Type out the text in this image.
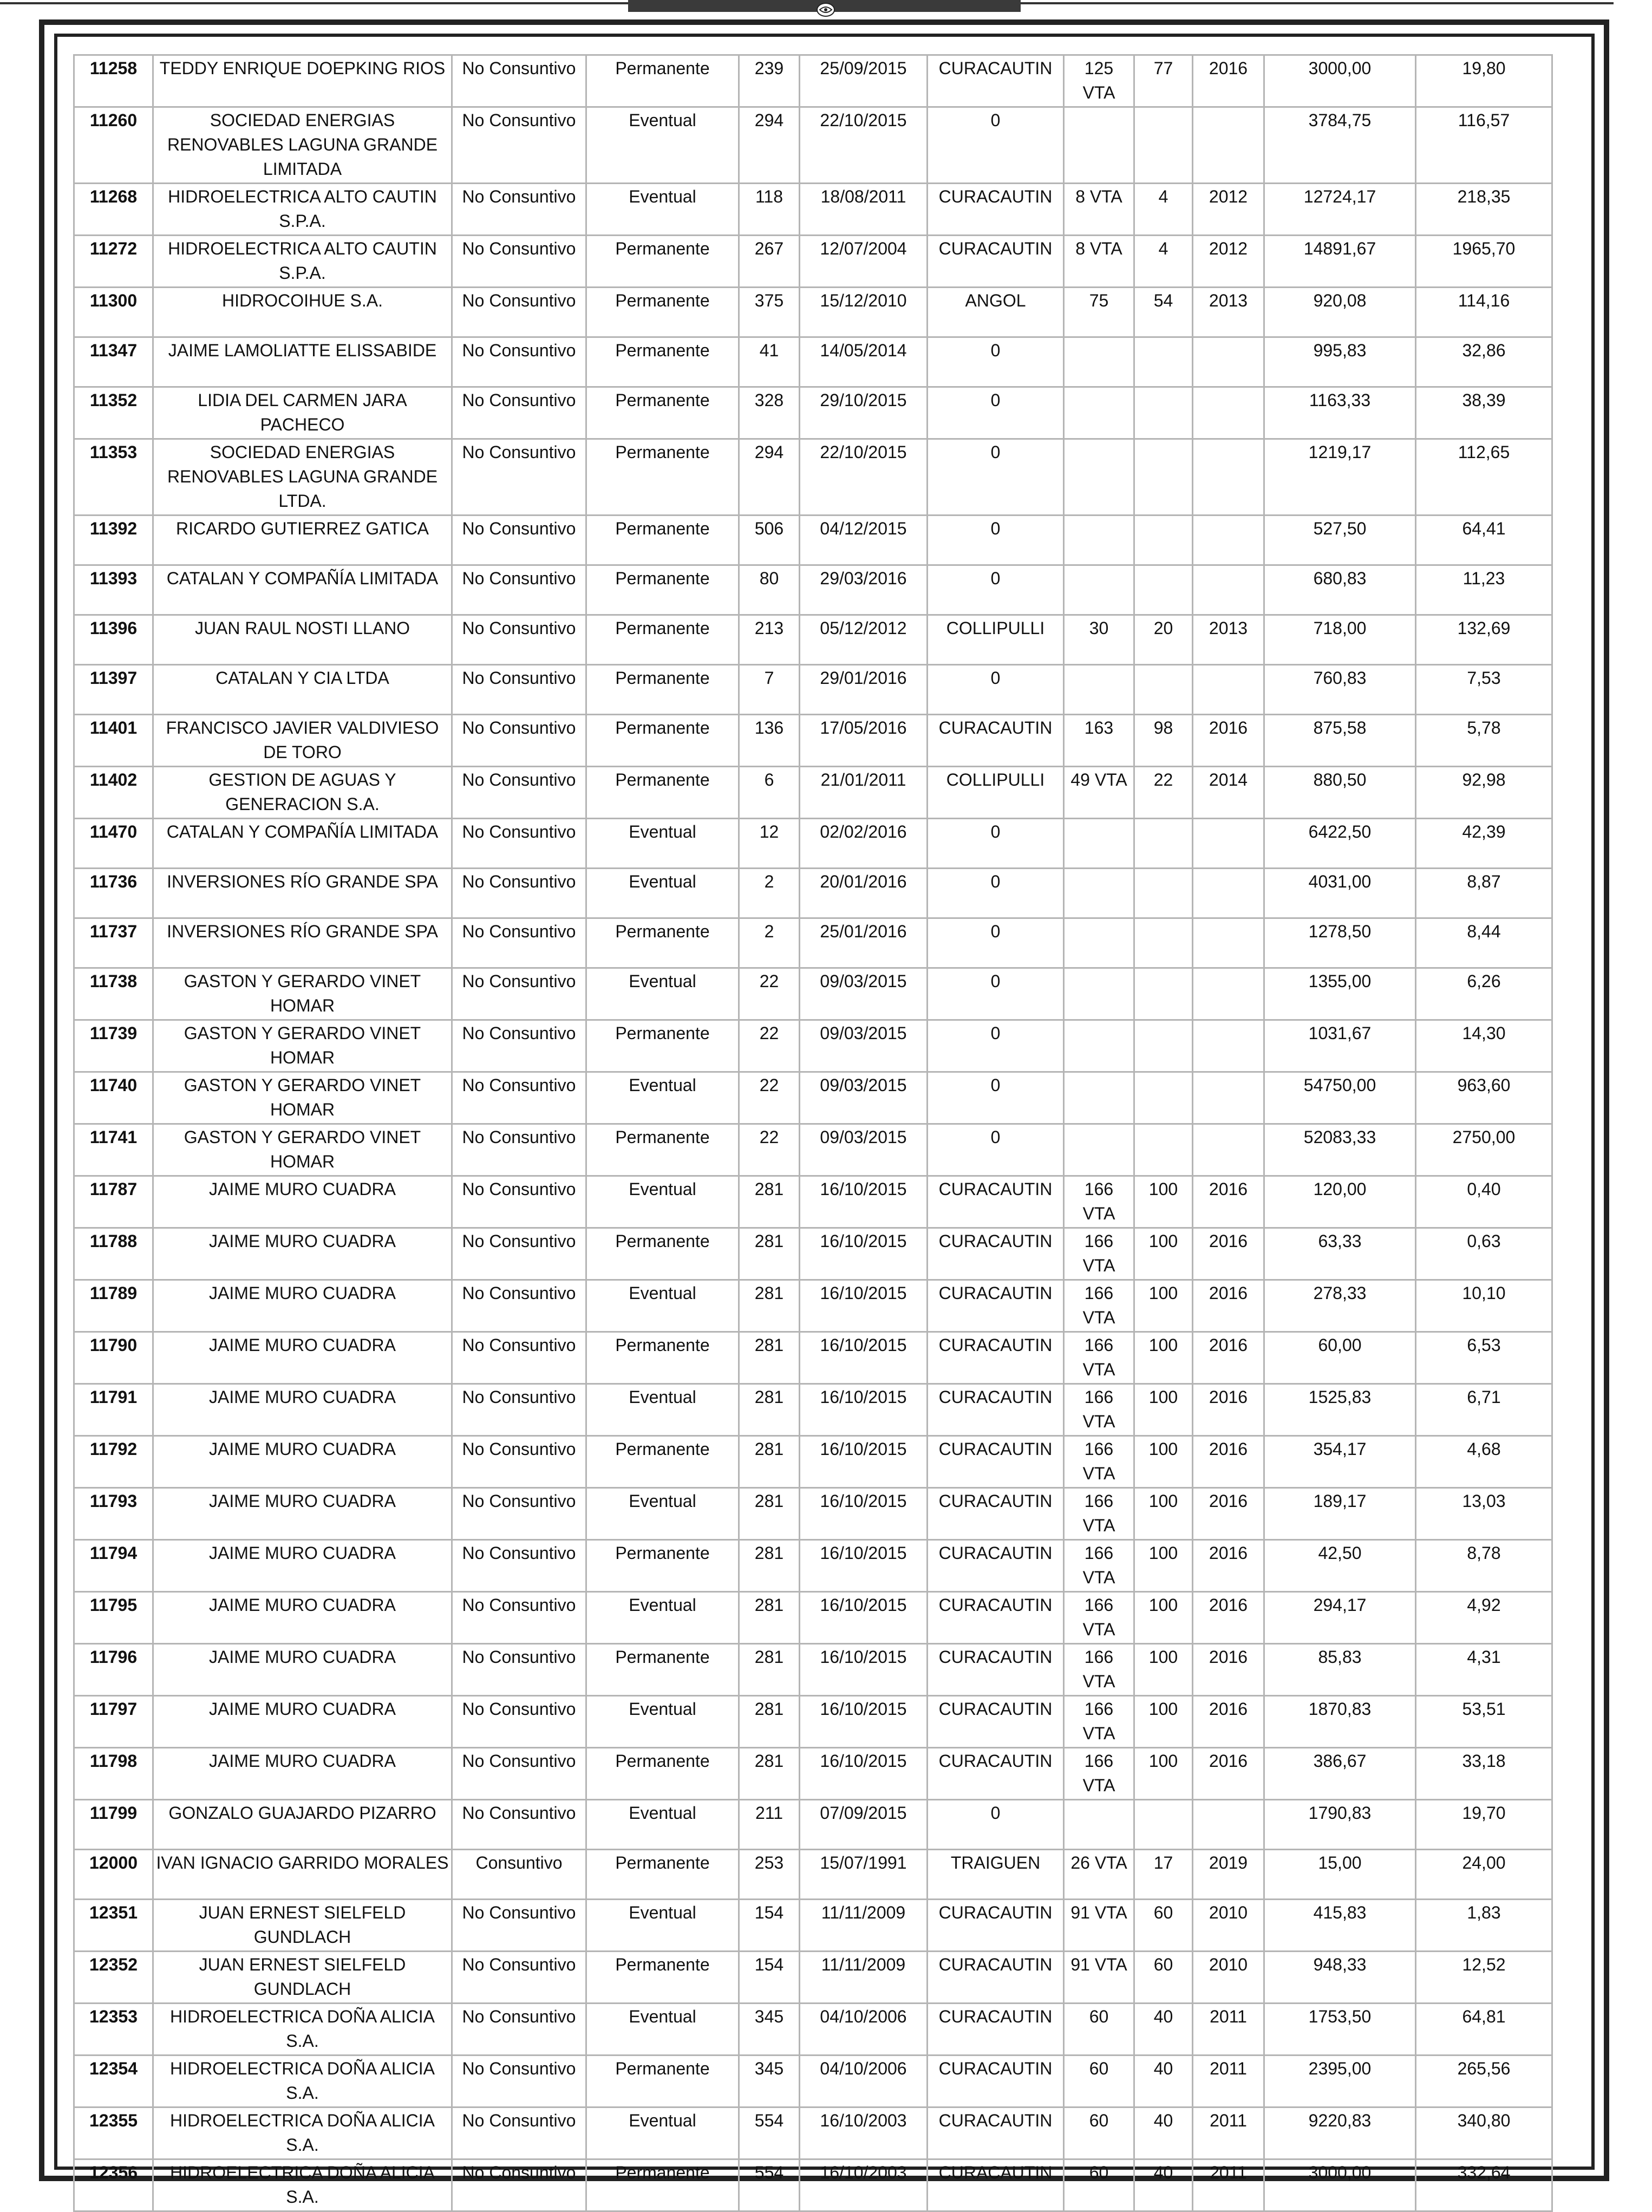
11258	TEDDY ENRIQUE DOEPKING RIOS	No Consuntivo	Permanente	239	25/09/2015	CURACAUTIN	125 VTA	77	2016	3000,00	19,80
11260	SOCIEDAD ENERGIAS RENOVABLES LAGUNA GRANDE LIMITADA	No Consuntivo	Eventual	294	22/10/2015	0				3784,75	116,57
11268	HIDROELECTRICA ALTO CAUTIN S.P.A.	No Consuntivo	Eventual	118	18/08/2011	CURACAUTIN	8 VTA	4	2012	12724,17	218,35
11272	HIDROELECTRICA ALTO CAUTIN S.P.A.	No Consuntivo	Permanente	267	12/07/2004	CURACAUTIN	8 VTA	4	2012	14891,67	1965,70
11300	HIDROCOIHUE S.A.	No Consuntivo	Permanente	375	15/12/2010	ANGOL	75	54	2013	920,08	114,16
11347	JAIME LAMOLIATTE ELISSABIDE	No Consuntivo	Permanente	41	14/05/2014	0				995,83	32,86
11352	LIDIA DEL CARMEN JARA PACHECO	No Consuntivo	Permanente	328	29/10/2015	0				1163,33	38,39
11353	SOCIEDAD ENERGIAS RENOVABLES LAGUNA GRANDE LTDA.	No Consuntivo	Permanente	294	22/10/2015	0				1219,17	112,65
11392	RICARDO GUTIERREZ GATICA	No Consuntivo	Permanente	506	04/12/2015	0				527,50	64,41
11393	CATALAN Y COMPAÑÍA LIMITADA	No Consuntivo	Permanente	80	29/03/2016	0				680,83	11,23
11396	JUAN RAUL NOSTI LLANO	No Consuntivo	Permanente	213	05/12/2012	COLLIPULLI	30	20	2013	718,00	132,69
11397	CATALAN Y CIA LTDA	No Consuntivo	Permanente	7	29/01/2016	0				760,83	7,53
11401	FRANCISCO JAVIER VALDIVIESO DE TORO	No Consuntivo	Permanente	136	17/05/2016	CURACAUTIN	163	98	2016	875,58	5,78
11402	GESTION DE AGUAS Y GENERACION S.A.	No Consuntivo	Permanente	6	21/01/2011	COLLIPULLI	49 VTA	22	2014	880,50	92,98
11470	CATALAN Y COMPAÑÍA LIMITADA	No Consuntivo	Eventual	12	02/02/2016	0				6422,50	42,39
11736	INVERSIONES RÍO GRANDE SPA	No Consuntivo	Eventual	2	20/01/2016	0				4031,00	8,87
11737	INVERSIONES RÍO GRANDE SPA	No Consuntivo	Permanente	2	25/01/2016	0				1278,50	8,44
11738	GASTON Y GERARDO VINET HOMAR	No Consuntivo	Eventual	22	09/03/2015	0				1355,00	6,26
11739	GASTON Y GERARDO VINET HOMAR	No Consuntivo	Permanente	22	09/03/2015	0				1031,67	14,30
11740	GASTON Y GERARDO VINET HOMAR	No Consuntivo	Eventual	22	09/03/2015	0				54750,00	963,60
11741	GASTON Y GERARDO VINET HOMAR	No Consuntivo	Permanente	22	09/03/2015	0				52083,33	2750,00
11787	JAIME MURO CUADRA	No Consuntivo	Eventual	281	16/10/2015	CURACAUTIN	166 VTA	100	2016	120,00	0,40
11788	JAIME MURO CUADRA	No Consuntivo	Permanente	281	16/10/2015	CURACAUTIN	166 VTA	100	2016	63,33	0,63
11789	JAIME MURO CUADRA	No Consuntivo	Eventual	281	16/10/2015	CURACAUTIN	166 VTA	100	2016	278,33	10,10
11790	JAIME MURO CUADRA	No Consuntivo	Permanente	281	16/10/2015	CURACAUTIN	166 VTA	100	2016	60,00	6,53
11791	JAIME MURO CUADRA	No Consuntivo	Eventual	281	16/10/2015	CURACAUTIN	166 VTA	100	2016	1525,83	6,71
11792	JAIME MURO CUADRA	No Consuntivo	Permanente	281	16/10/2015	CURACAUTIN	166 VTA	100	2016	354,17	4,68
11793	JAIME MURO CUADRA	No Consuntivo	Eventual	281	16/10/2015	CURACAUTIN	166 VTA	100	2016	189,17	13,03
11794	JAIME MURO CUADRA	No Consuntivo	Permanente	281	16/10/2015	CURACAUTIN	166 VTA	100	2016	42,50	8,78
11795	JAIME MURO CUADRA	No Consuntivo	Eventual	281	16/10/2015	CURACAUTIN	166 VTA	100	2016	294,17	4,92
11796	JAIME MURO CUADRA	No Consuntivo	Permanente	281	16/10/2015	CURACAUTIN	166 VTA	100	2016	85,83	4,31
11797	JAIME MURO CUADRA	No Consuntivo	Eventual	281	16/10/2015	CURACAUTIN	166 VTA	100	2016	1870,83	53,51
11798	JAIME MURO CUADRA	No Consuntivo	Permanente	281	16/10/2015	CURACAUTIN	166 VTA	100	2016	386,67	33,18
11799	GONZALO GUAJARDO PIZARRO	No Consuntivo	Eventual	211	07/09/2015	0				1790,83	19,70
12000	IVAN IGNACIO GARRIDO MORALES	Consuntivo	Permanente	253	15/07/1991	TRAIGUEN	26 VTA	17	2019	15,00	24,00
12351	JUAN ERNEST SIELFELD GUNDLACH	No Consuntivo	Eventual	154	11/11/2009	CURACAUTIN	91 VTA	60	2010	415,83	1,83
12352	JUAN ERNEST SIELFELD GUNDLACH	No Consuntivo	Permanente	154	11/11/2009	CURACAUTIN	91 VTA	60	2010	948,33	12,52
12353	HIDROELECTRICA DOÑA ALICIA S.A.	No Consuntivo	Eventual	345	04/10/2006	CURACAUTIN	60	40	2011	1753,50	64,81
12354	HIDROELECTRICA DOÑA ALICIA S.A.	No Consuntivo	Permanente	345	04/10/2006	CURACAUTIN	60	40	2011	2395,00	265,56
12355	HIDROELECTRICA DOÑA ALICIA S.A.	No Consuntivo	Eventual	554	16/10/2003	CURACAUTIN	60	40	2011	9220,83	340,80
12356	HIDROELECTRICA DOÑA ALICIA S.A.	No Consuntivo	Permanente	554	16/10/2003	CURACAUTIN	60	40	2011	3000,00	332,64
